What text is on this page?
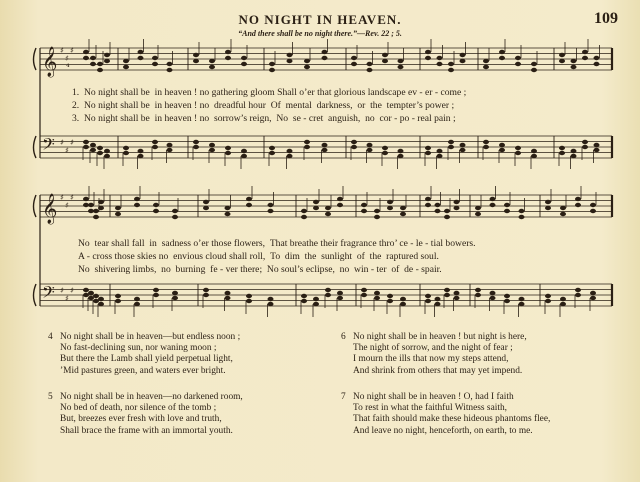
NO NIGHT IN HEAVEN.	109
“And there shall be no night there.”—Rev. 22 ; 5.
𝄞
𝄢
♯
♯
♯
♯
♯
♯
⁴
𝄞
𝄢
♯
♯
♯
♯
♯
♯
1. No night shall be in heaven ! no gathering gloom Shall o’er that glorious landscape ev - er - come ;
2. No night shall be in heaven ! no dreadful hour Of mental darkness, or the tempter’s power ;
3. No night shall be in heaven ! no sorrow’s reign, No se - cret anguish, no cor - po - real pain ;
No tear shall fall in sadness o’er those flowers, That breathe their fragrance thro’ ce - le - tial bowers.
A - cross those skies no envious cloud shall roll, To dim the sunlight of the raptured soul.
No shivering limbs, no burning fe - ver there; No soul’s eclipse, no win - ter of de - spair.
4 No night shall be in heaven—but endless noon ;
No fast-declining sun, nor waning moon ;
But there the Lamb shall yield perpetual light,
’Mid pastures green, and waters ever bright.
5 No night shall be in heaven—no darkened room,
No bed of death, nor silence of the tomb ;
But, breezes ever fresh with love and truth,
Shall brace the frame with an immortal youth.
6 No night shall be in heaven ! but night is here,
The night of sorrow, and the night of fear ;
I mourn the ills that now my steps attend,
And shrink from others that may yet impend.
7 No night shall be in heaven ! O, had I faith
To rest in what the faithful Witness saith,
That faith should make these hideous phantoms flee,
And leave no night, henceforth, on earth, to me.
